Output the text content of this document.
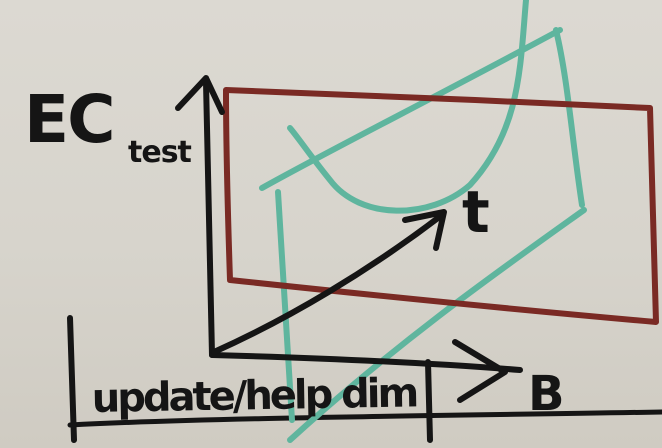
EC test
t
B
update/help dim
